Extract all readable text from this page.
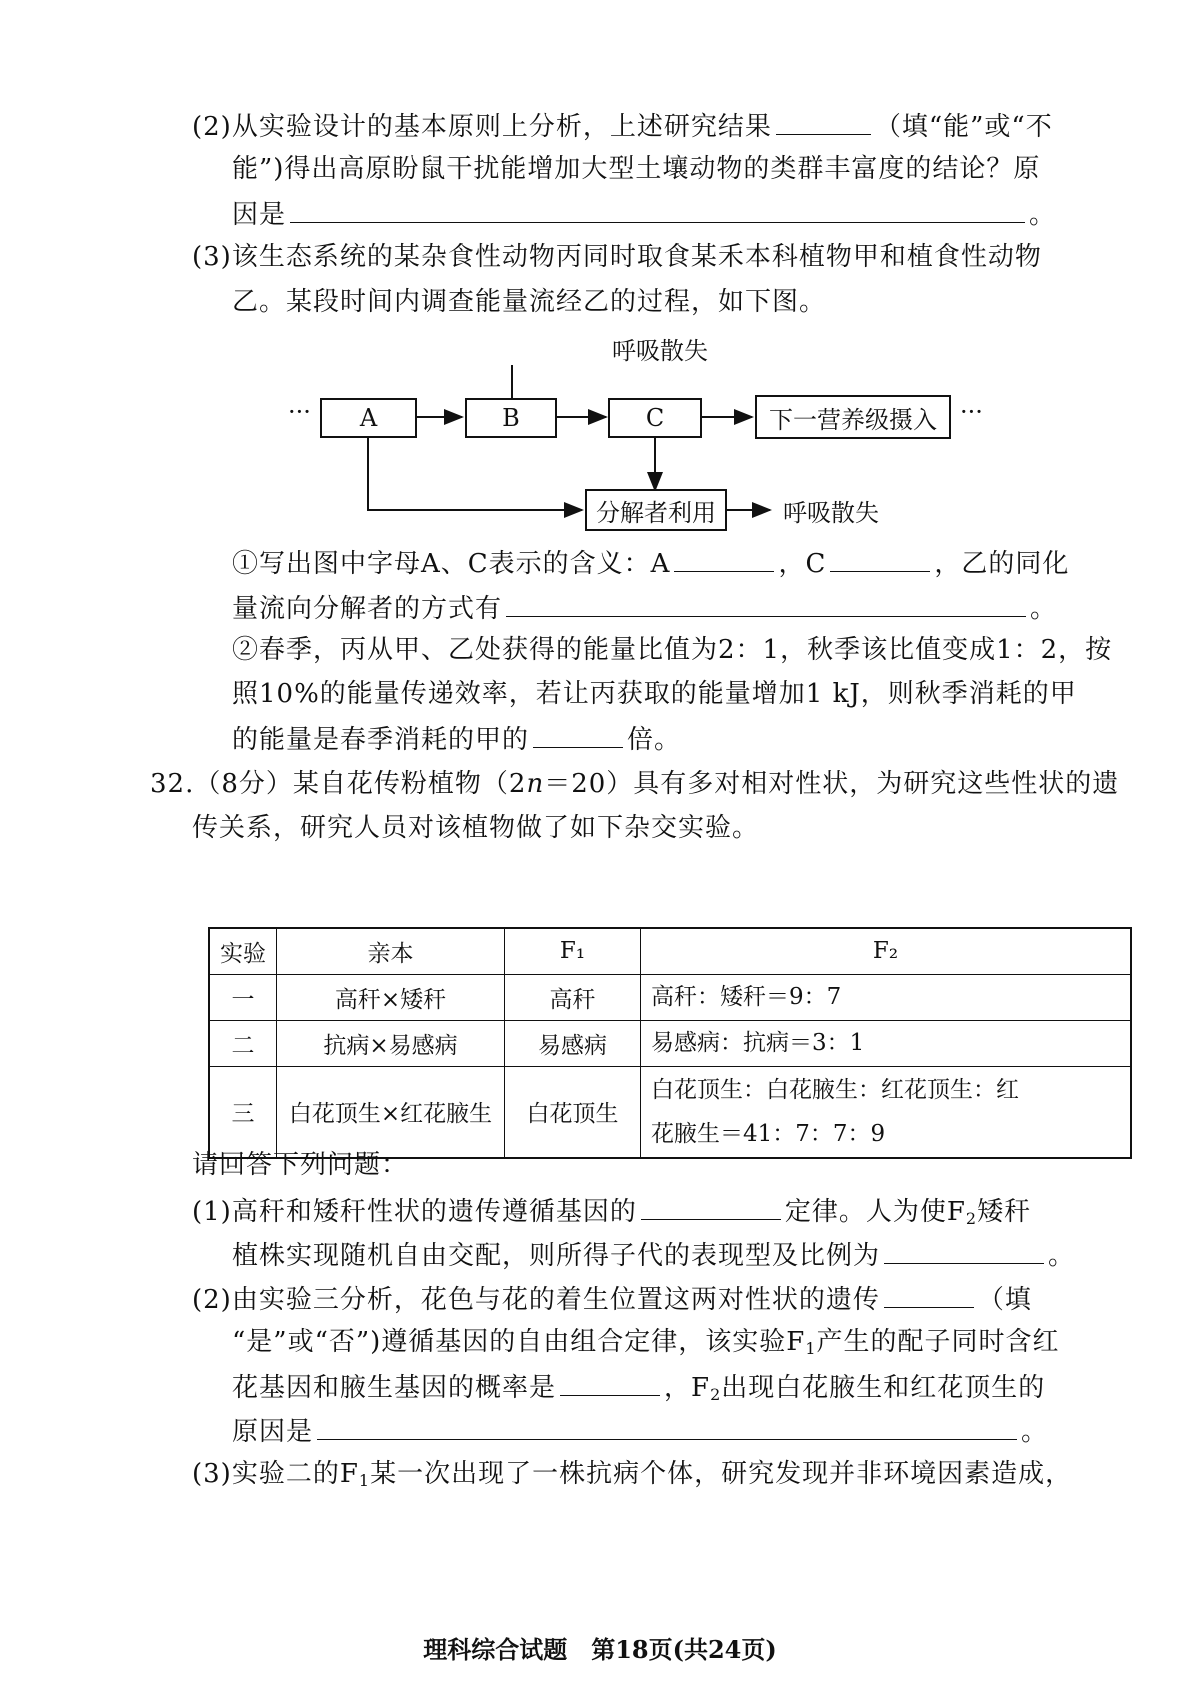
(2)从实验设计的基本原则上分析，上述研究结果	（填“能”或“不
能”)得出高原盼鼠干扰能增加大型土壤动物的类群丰富度的结论？原
因是	。
(3)该生态系统的某杂食性动物丙同时取食某禾本科植物甲和植食性动物
乙。某段时间内调查能量流经乙的过程，如下图。
···	A	B	C	下一营养级摄入 ···
呼吸散失
分解者利用	呼吸散失
①写出图中字母A、C表示的含义：A	，C	，乙的同化
量流向分解者的方式有	。
②春季，丙从甲、乙处获得的能量比值为2：1，秋季该比值变成1：2，按
照10%的能量传递效率，若让丙获取的能量增加1 kJ，则秋季消耗的甲
的能量是春季消耗的甲的	倍。
32.（8分）某自花传粉植物（2n＝20）具有多对相对性状，为研究这些性状的遗
传关系，研究人员对该植物做了如下杂交实验。
实验	亲本	F₁	F₂
一	高秆×矮秆	高秆	高秆：矮秆＝9：7
二	抗病×易感病	易感病	易感病：抗病＝3：1
三	白花顶生×红花腋生	白花顶生	白花顶生：白花腋生：红花顶生：红
花腋生＝41：7：7：9
请回答下列问题：
(1)高秆和矮秆性状的遗传遵循基因的	定律。人为使$F_2$矮秆
植株实现随机自由交配，则所得子代的表现型及比例为	。
(2)由实验三分析，花色与花的着生位置这两对性状的遗传	（填
“是”或“否”)遵循基因的自由组合定律，该实验$F_1$产生的配子同时含红
花基因和腋生基因的概率是	，$F_2$出现白花腋生和红花顶生的
原因是	。
(3)实验二的$F_1$某一次出现了一株抗病个体，研究发现并非环境因素造成，
理科综合试题　第18页(共24页)
